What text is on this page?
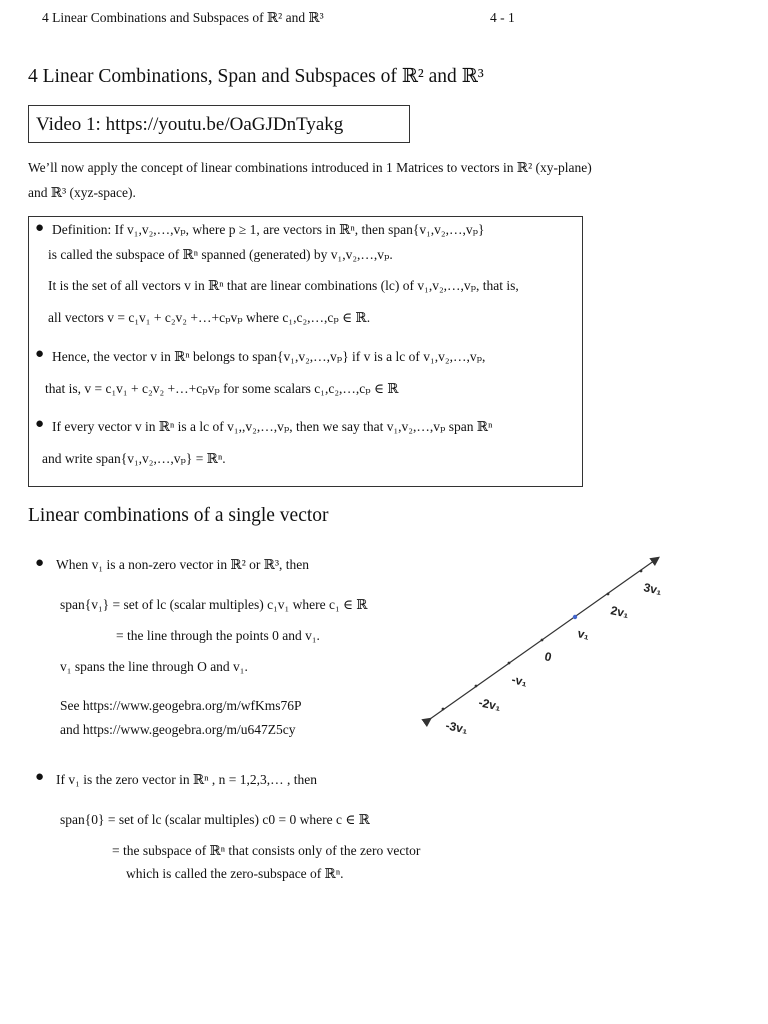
4 Linear Combinations and Subspaces of ℝ² and ℝ³	4 - 1
4 Linear Combinations, Span and Subspaces of ℝ² and ℝ³
Video 1: https://youtu.be/OaGJDnTyakg
We’ll now apply the concept of linear combinations introduced in 1 Matrices to vectors in ℝ² (xy-plane)
and ℝ³ (xyz-space).
● Definition: If v₁,v₂,…,vₚ, where p ≥ 1, are vectors in ℝⁿ, then span{v₁,v₂,…,vₚ}
is called the subspace of ℝⁿ spanned (generated) by v₁,v₂,…,vₚ.
It is the set of all vectors v in ℝⁿ that are linear combinations (lc) of v₁,v₂,…,vₚ, that is,
all vectors v = c₁v₁ + c₂v₂ +…+cₚvₚ where c₁,c₂,…,cₚ ∈ ℝ.
● Hence, the vector v in ℝⁿ belongs to span{v₁,v₂,…,vₚ} if v is a lc of v₁,v₂,…,vₚ,
that is, v = c₁v₁ + c₂v₂ +…+cₚvₚ for some scalars c₁,c₂,…,cₚ ∈ ℝ
● If every vector v in ℝⁿ is a lc of v₁,,v₂,…,vₚ, then we say that v₁,v₂,…,vₚ span ℝⁿ
and write span{v₁,v₂,…,vₚ} = ℝⁿ.
Linear combinations of a single vector
● When v₁ is a non-zero vector in ℝ² or ℝ³, then
span{v₁} = set of lc (scalar multiples) c₁v₁ where c₁ ∈ ℝ
= the line through the points 0 and v₁.
v₁ spans the line through O and v₁.
See https://www.geogebra.org/m/wfKms76P
and https://www.geogebra.org/m/u647Z5cy
3v₁
2v₁
v₁
0
-v₁
-2v₁
-3v₁
● If v₁ is the zero vector in ℝⁿ , n = 1,2,3,… , then
span{0} = set of lc (scalar multiples) c0 = 0 where c ∈ ℝ
= the subspace of ℝⁿ that consists only of the zero vector
which is called the zero-subspace of ℝⁿ.
